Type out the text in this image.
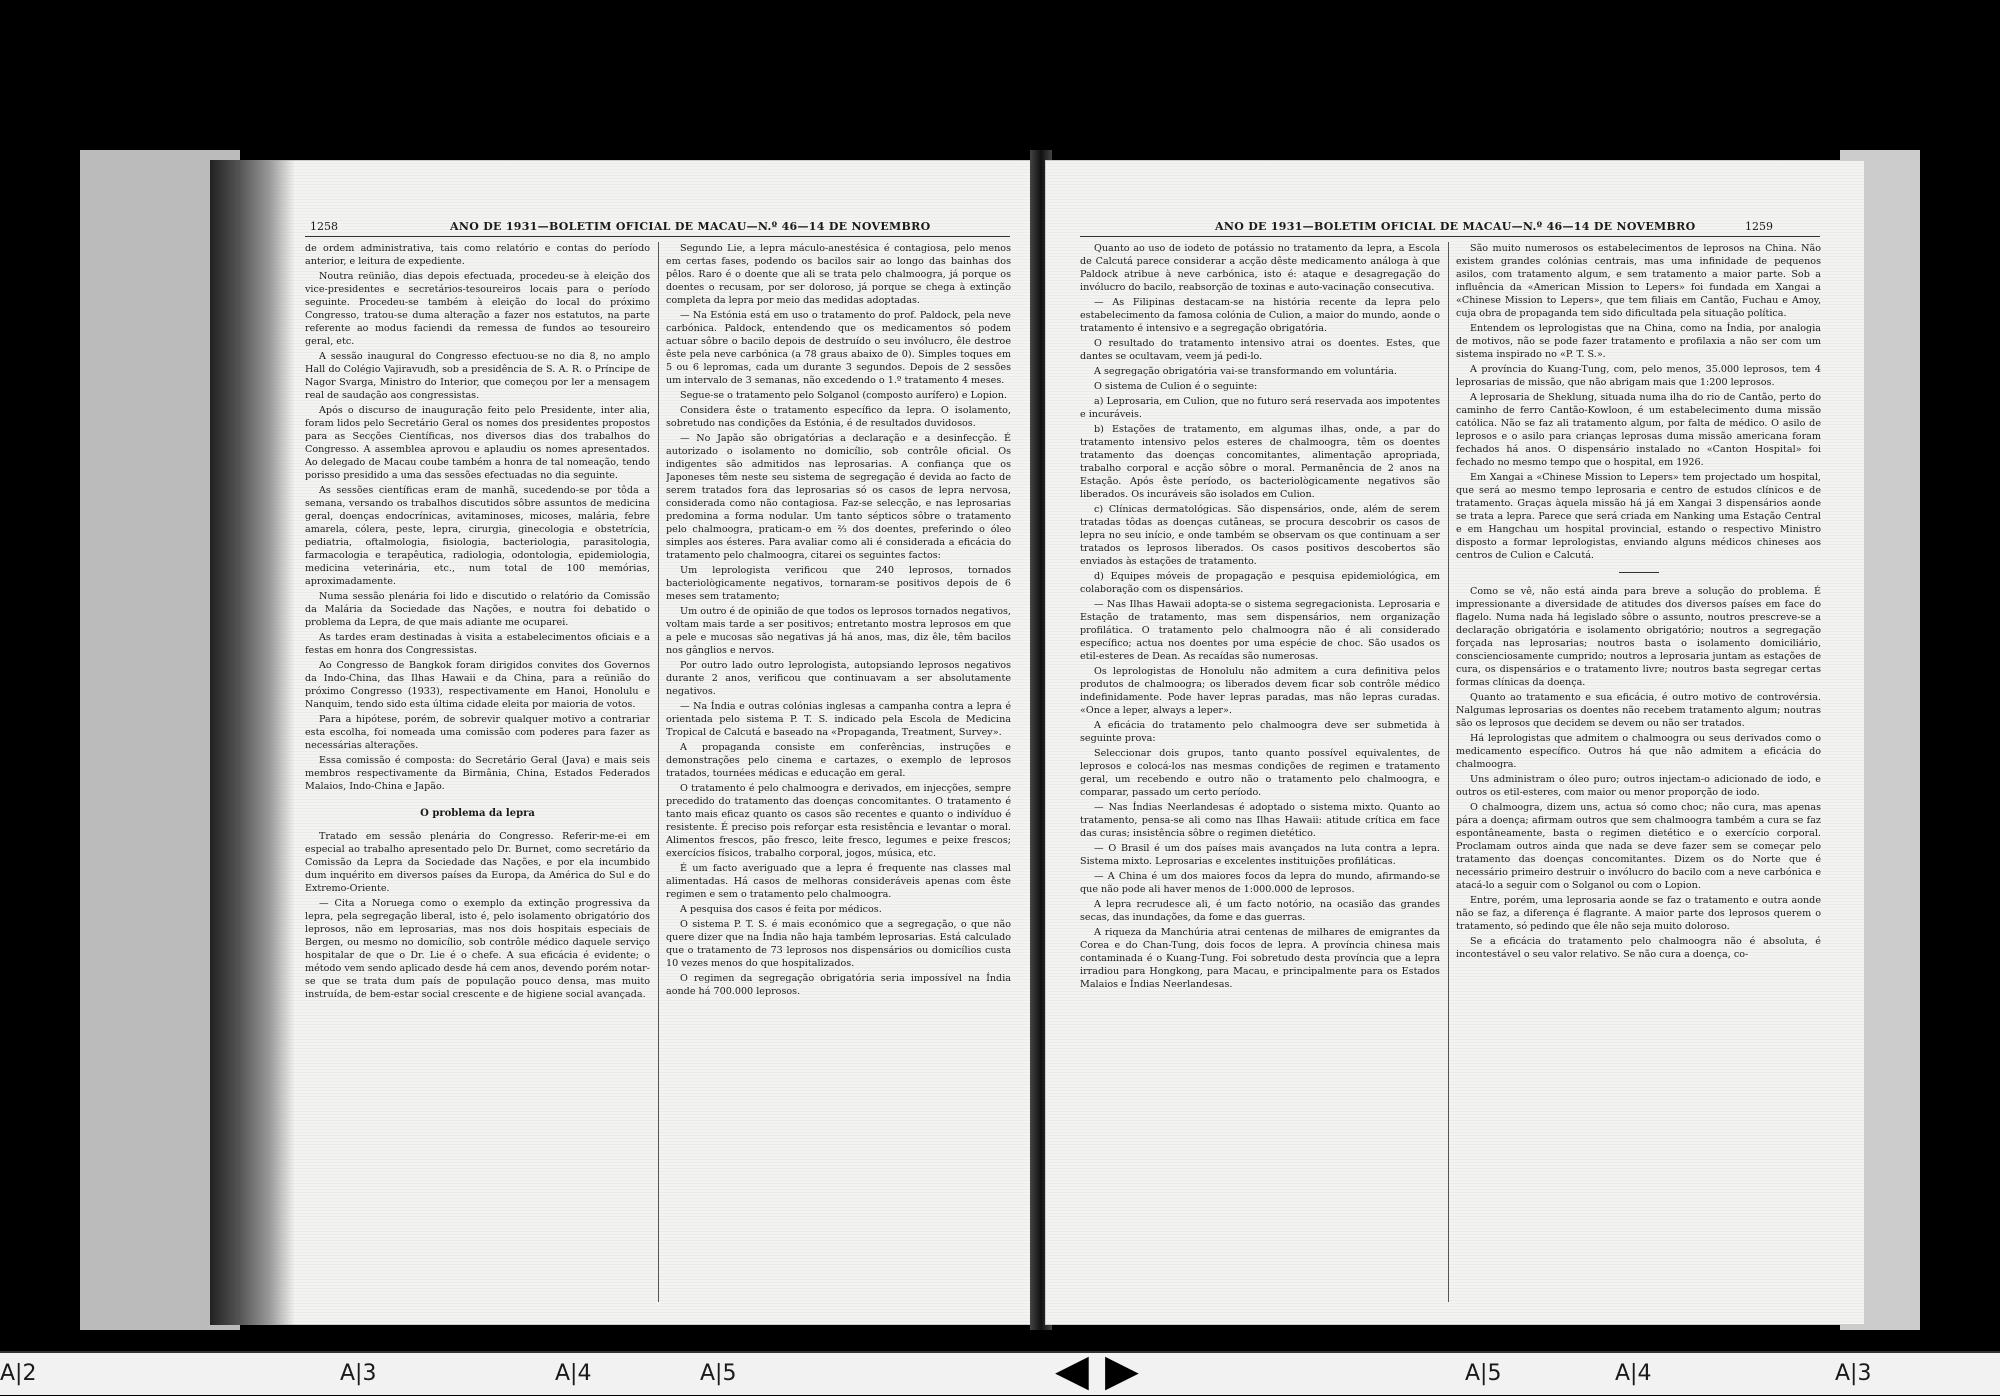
1258	ANO DE 1931—BOLETIM OFICIAL DE MACAU—N.º 46—14 DE NOVEMBRO

de ordem administrativa, tais como relatório e contas do período anterior, e leitura de expediente.

Noutra reünião, dias depois efectuada, procedeu-se à eleição dos vice-presidentes e secretários-tesoureiros locais para o período seguinte. Procedeu-se também à eleição do local do próximo Congresso, tratou-se duma alteração a fazer nos estatutos, na parte referente ao modus faciendi da remessa de fundos ao tesoureiro geral, etc.

A sessão inaugural do Congresso efectuou-se no dia 8, no amplo Hall do Colégio Vajiravudh, sob a presidência de S. A. R. o Príncipe de Nagor Svarga, Ministro do Interior, que começou por ler a mensagem real de saudação aos congressistas.

Após o discurso de inauguração feito pelo Presidente, inter alia, foram lidos pelo Secretário Geral os nomes dos presidentes propostos para as Secções Científicas, nos diversos dias dos trabalhos do Congresso. A assemblea aprovou e aplaudiu os nomes apresentados. Ao delegado de Macau coube também a honra de tal nomeação, tendo porisso presidido a uma das sessões efectuadas no dia seguinte.

As sessões científicas eram de manhã, sucedendo-se por tôda a semana, versando os trabalhos discutidos sôbre assuntos de medicina geral, doenças endocrínicas, avitaminoses, micoses, malária, febre amarela, cólera, peste, lepra, cirurgia, ginecologia e obstetrícia, pediatria, oftalmologia, fisiologia, bacteriologia, parasitologia, farmacologia e terapêutica, radiologia, odontologia, epidemiologia, medicina veterinária, etc., num total de 100 memórias, aproximadamente.

Numa sessão plenária foi lido e discutido o relatório da Comissão da Malária da Sociedade das Nações, e noutra foi debatido o problema da Lepra, de que mais adiante me ocuparei.

As tardes eram destinadas à visita a estabelecimentos oficiais e a festas em honra dos Congressistas.

Ao Congresso de Bangkok foram dirigidos convites dos Governos da Indo-China, das Ilhas Hawaii e da China, para a reünião do próximo Congresso (1933), respectivamente em Hanoi, Honolulu e Nanquim, tendo sido esta última cidade eleita por maioria de votos.

Para a hipótese, porém, de sobrevir qualquer motivo a contrariar esta escolha, foi nomeada uma comissão com poderes para fazer as necessárias alterações.

Essa comissão é composta: do Secretário Geral (Java) e mais seis membros respectivamente da Birmânia, China, Estados Federados Malaios, Indo-China e Japão.

O problema da lepra

Tratado em sessão plenária do Congresso. Referir-me-ei em especial ao trabalho apresentado pelo Dr. Burnet, como secretário da Comissão da Lepra da Sociedade das Nações, e por ela incumbido dum inquérito em diversos países da Europa, da América do Sul e do Extremo-Oriente.

— Cita a Noruega como o exemplo da extinção progressiva da lepra, pela segregação liberal, isto é, pelo isolamento obrigatório dos leprosos, não em leprosarias, mas nos dois hospitais especiais de Bergen, ou mesmo no domicílio, sob contrôle médico daquele serviço hospitalar de que o Dr. Lie é o chefe. A sua eficácia é evidente; o método vem sendo aplicado desde há cem anos, devendo porém notar-se que se trata dum país de população pouco densa, mas muito instruída, de bem-estar social crescente e de higiene social avançada.

Segundo Lie, a lepra máculo-anestésica é contagiosa, pelo menos em certas fases, podendo os bacilos sair ao longo das bainhas dos pêlos. Raro é o doente que ali se trata pelo chalmoogra, já porque os doentes o recusam, por ser doloroso, já porque se chega à extinção completa da lepra por meio das medidas adoptadas.

— Na Estónia está em uso o tratamento do prof. Paldock, pela neve carbónica. Paldock, entendendo que os medicamentos só podem actuar sôbre o bacilo depois de destruído o seu invólucro, êle destroe êste pela neve carbónica (a 78 graus abaixo de 0). Simples toques em 5 ou 6 lepromas, cada um durante 3 segundos. Depois de 2 sessões um intervalo de 3 semanas, não excedendo o 1.º tratamento 4 meses.

Segue-se o tratamento pelo Solganol (composto aurífero) e Lopion.

Considera êste o tratamento específico da lepra. O isolamento, sobretudo nas condições da Estónia, é de resultados duvidosos.

— No Japão são obrigatórias a declaração e a desinfecção. É autorizado o isolamento no domicílio, sob contrôle oficial. Os indigentes são admitidos nas leprosarias. A confiança que os Japoneses têm neste seu sistema de segregação é devida ao facto de serem tratados fora das leprosarias só os casos de lepra nervosa, considerada como não contagiosa. Faz-se selecção, e nas leprosarias predomina a forma nodular. Um tanto sépticos sôbre o tratamento pelo chalmoogra, praticam-o em ⅔ dos doentes, preferindo o óleo simples aos ésteres. Para avaliar como ali é considerada a eficácia do tratamento pelo chalmoogra, citarei os seguintes factos:

Um leprologista verificou que 240 leprosos, tornados bacteriològicamente negativos, tornaram-se positivos depois de 6 meses sem tratamento;

Um outro é de opinião de que todos os leprosos tornados negativos, voltam mais tarde a ser positivos; entretanto mostra leprosos em que a pele e mucosas são negativas já há anos, mas, diz êle, têm bacilos nos gânglios e nervos.

Por outro lado outro leprologista, autopsiando leprosos negativos durante 2 anos, verificou que continuavam a ser absolutamente negativos.

— Na Índia e outras colónias inglesas a campanha contra a lepra é orientada pelo sistema P. T. S. indicado pela Escola de Medicina Tropical de Calcutá e baseado na «Propaganda, Treatment, Survey».

A propaganda consiste em conferências, instruções e demonstrações pelo cinema e cartazes, o exemplo de leprosos tratados, tournées médicas e educação em geral.

O tratamento é pelo chalmoogra e derivados, em injecções, sempre precedido do tratamento das doenças concomitantes. O tratamento é tanto mais eficaz quanto os casos são recentes e quanto o indivíduo é resistente. É preciso pois reforçar esta resistência e levantar o moral. Alimentos frescos, pão fresco, leite fresco, legumes e peixe frescos; exercícios físicos, trabalho corporal, jogos, música, etc.

É um facto averiguado que a lepra é frequente nas classes mal alimentadas. Há casos de melhoras consideráveis apenas com êste regimen e sem o tratamento pelo chalmoogra.

A pesquisa dos casos é feita por médicos.

O sistema P. T. S. é mais económico que a segregação, o que não quere dizer que na Índia não haja também leprosarias. Está calculado que o tratamento de 73 leprosos nos dispensários ou domicílios custa 10 vezes menos do que hospitalizados.

O regimen da segregação obrigatória seria impossível na Índia aonde há 700.000 leprosos.

ANO DE 1931—BOLETIM OFICIAL DE MACAU—N.º 46—14 DE NOVEMBRO	1259

Quanto ao uso de iodeto de potássio no tratamento da lepra, a Escola de Calcutá parece considerar a acção dêste medicamento análoga à que Paldock atribue à neve carbónica, isto é: ataque e desagregação do invólucro do bacilo, reabsorção de toxinas e auto-vacinação consecutiva.

— As Filipinas destacam-se na história recente da lepra pelo estabelecimento da famosa colónia de Culion, a maior do mundo, aonde o tratamento é intensivo e a segregação obrigatória.

O resultado do tratamento intensivo atrai os doentes. Estes, que dantes se ocultavam, veem já pedi-lo.

A segregação obrigatória vai-se transformando em voluntária.

O sistema de Culion é o seguinte:

a) Leprosaria, em Culion, que no futuro será reservada aos impotentes e incuráveis.

b) Estações de tratamento, em algumas ilhas, onde, a par do tratamento intensivo pelos esteres de chalmoogra, têm os doentes tratamento das doenças concomitantes, alimentação apropriada, trabalho corporal e acção sôbre o moral. Permanência de 2 anos na Estação. Após êste período, os bacteriològicamente negativos são liberados. Os incuráveis são isolados em Culion.

c) Clínicas dermatológicas. São dispensários, onde, além de serem tratadas tôdas as doenças cutâneas, se procura descobrir os casos de lepra no seu início, e onde também se observam os que continuam a ser tratados os leprosos liberados. Os casos positivos descobertos são enviados às estações de tratamento.

d) Equipes móveis de propagação e pesquisa epidemiológica, em colaboração com os dispensários.

— Nas Ilhas Hawaii adopta-se o sistema segregacionista. Leprosaria e Estação de tratamento, mas sem dispensários, nem organização profilática. O tratamento pelo chalmoogra não é ali considerado específico; actua nos doentes por uma espécie de choc. São usados os etil-esteres de Dean. As recaídas são numerosas.

Os leprologistas de Honolulu não admitem a cura definitiva pelos produtos de chalmoogra; os liberados devem ficar sob contrôle médico indefinidamente. Pode haver lepras paradas, mas não lepras curadas. «Once a leper, always a leper».

A eficácia do tratamento pelo chalmoogra deve ser submetida à seguinte prova:

Seleccionar dois grupos, tanto quanto possível equivalentes, de leprosos e colocá-los nas mesmas condições de regimen e tratamento geral, um recebendo e outro não o tratamento pelo chalmoogra, e comparar, passado um certo período.

— Nas Índias Neerlandesas é adoptado o sistema mixto. Quanto ao tratamento, pensa-se ali como nas Ilhas Hawaii: atitude crítica em face das curas; insistência sôbre o regimen dietético.

— O Brasil é um dos países mais avançados na luta contra a lepra. Sistema mixto. Leprosarias e excelentes instituições profiláticas.

— A China é um dos maiores focos da lepra do mundo, afirmando-se que não pode ali haver menos de 1:000.000 de leprosos.

A lepra recrudesce ali, é um facto notório, na ocasião das grandes secas, das inundações, da fome e das guerras.

A riqueza da Manchúria atrai centenas de milhares de emigrantes da Corea e do Chan-Tung, dois focos de lepra. A província chinesa mais contaminada é o Kuang-Tung. Foi sobretudo desta província que a lepra irradiou para Hongkong, para Macau, e principalmente para os Estados Malaios e Índias Neerlandesas.

São muito numerosos os estabelecimentos de leprosos na China. Não existem grandes colónias centrais, mas uma infinidade de pequenos asilos, com tratamento algum, e sem tratamento a maior parte. Sob a influência da «American Mission to Lepers» foi fundada em Xangai a «Chinese Mission to Lepers», que tem filiais em Cantão, Fuchau e Amoy, cuja obra de propaganda tem sido dificultada pela situação política.

Entendem os leprologistas que na China, como na Índia, por analogia de motivos, não se pode fazer tratamento e profilaxia a não ser com um sistema inspirado no «P. T. S.».

A província do Kuang-Tung, com, pelo menos, 35.000 leprosos, tem 4 leprosarias de missão, que não abrigam mais que 1:200 leprosos.

A leprosaria de Sheklung, situada numa ilha do rio de Cantão, perto do caminho de ferro Cantão-Kowloon, é um estabelecimento duma missão católica. Não se faz ali tratamento algum, por falta de médico. O asilo de leprosos e o asilo para crianças leprosas duma missão americana foram fechados há anos. O dispensário instalado no «Canton Hospital» foi fechado no mesmo tempo que o hospital, em 1926.

Em Xangai a «Chinese Mission to Lepers» tem projectado um hospital, que será ao mesmo tempo leprosaria e centro de estudos clínicos e de tratamento. Graças àquela missão há já em Xangai 3 dispensários aonde se trata a lepra. Parece que será criada em Nanking uma Estação Central e em Hangchau um hospital provincial, estando o respectivo Ministro disposto a formar leprologistas, enviando alguns médicos chineses aos centros de Culion e Calcutá.

Como se vê, não está ainda para breve a solução do problema. É impressionante a diversidade de atitudes dos diversos países em face do flagelo. Numa nada há legislado sôbre o assunto, noutros prescreve-se a declaração obrigatória e isolamento obrigatório; noutros a segregação forçada nas leprosarias; noutros basta o isolamento domiciliário, conscienciosamente cumprido; noutros a leprosaria juntam as estações de cura, os dispensários e o tratamento livre; noutros basta segregar certas formas clínicas da doença.

Quanto ao tratamento e sua eficácia, é outro motivo de controvérsia. Nalgumas leprosarias os doentes não recebem tratamento algum; noutras são os leprosos que decidem se devem ou não ser tratados.

Há leprologistas que admitem o chalmoogra ou seus derivados como o medicamento específico. Outros há que não admitem a eficácia do chalmoogra.

Uns administram o óleo puro; outros injectam-o adicionado de iodo, e outros os etil-esteres, com maior ou menor proporção de iodo.

O chalmoogra, dizem uns, actua só como choc; não cura, mas apenas pára a doença; afirmam outros que sem chalmoogra também a cura se faz espontâneamente, basta o regimen dietético e o exercício corporal. Proclamam outros ainda que nada se deve fazer sem se começar pelo tratamento das doenças concomitantes. Dizem os do Norte que é necessário primeiro destruir o invólucro do bacilo com a neve carbónica e atacá-lo a seguir com o Solganol ou com o Lopion.

Entre, porém, uma leprosaria aonde se faz o tratamento e outra aonde não se faz, a diferença é flagrante. A maior parte dos leprosos querem o tratamento, só pedindo que êle não seja muito doloroso.

Se a eficácia do tratamento pelo chalmoogra não é absoluta, é incontestável o seu valor relativo. Se não cura a doença, co-

A|2	A|3	A|4	A|5	◀ ▶	A|5	A|4	A|3
